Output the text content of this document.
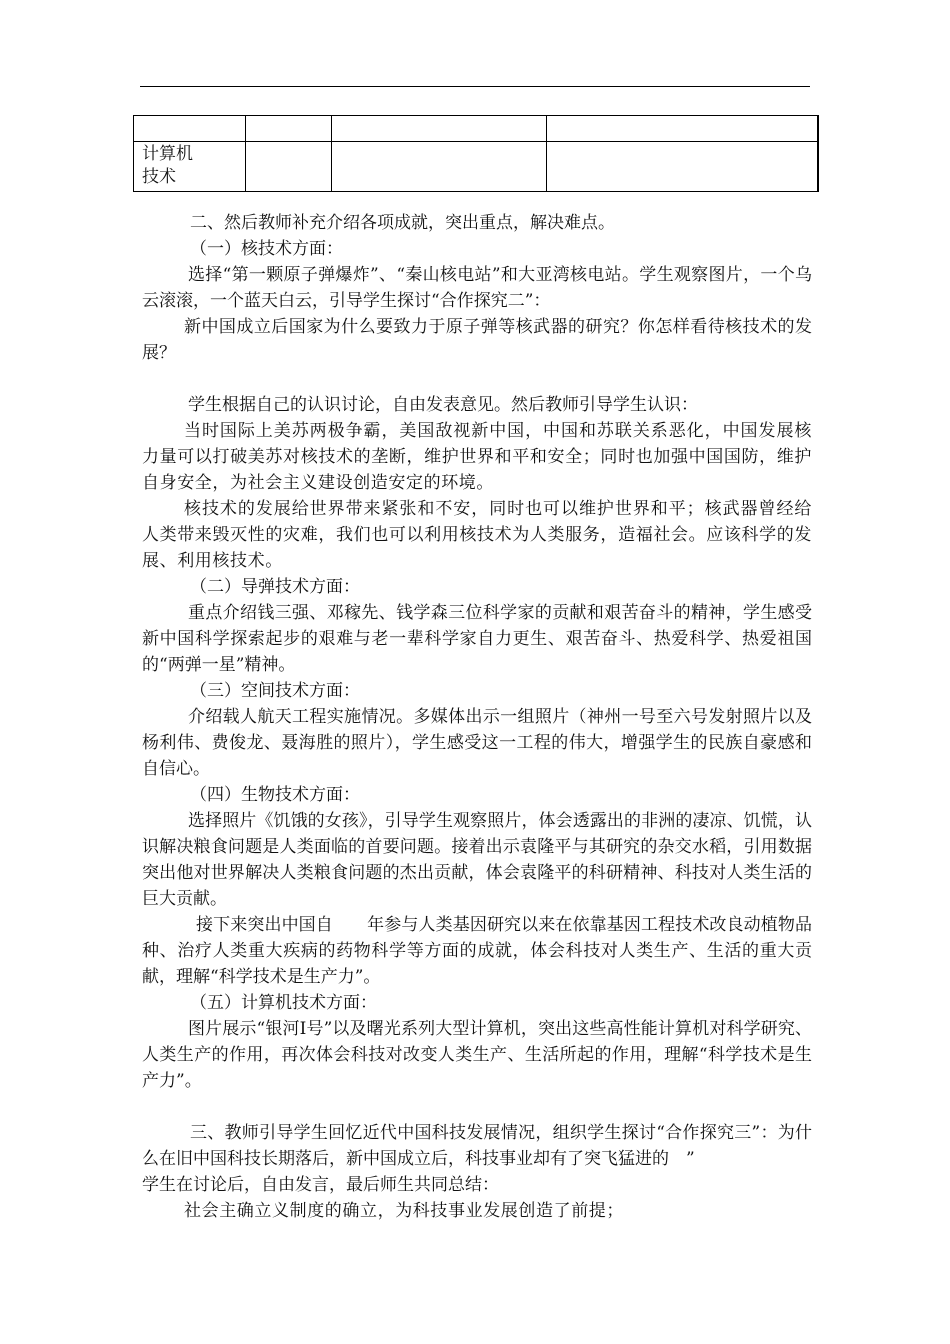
计算机
技术			

二、然后教师补充介绍各项成就，突出重点，解决难点。

（一）核技术方面：

选择“第一颗原子弹爆炸”、“秦山核电站”和大亚湾核电站。学生观察图片，一个乌云滚滚，一个蓝天白云，引导学生探讨“合作探究二”：

新中国成立后国家为什么要致力于原子弹等核武器的研究？你怎样看待核技术的发展？

学生根据自己的认识讨论，自由发表意见。然后教师引导学生认识：

当时国际上美苏两极争霸，美国敌视新中国，中国和苏联关系恶化，中国发展核力量可以打破美苏对核技术的垄断，维护世界和平和安全；同时也加强中国国防，维护自身安全，为社会主义建设创造安定的环境。

核技术的发展给世界带来紧张和不安，同时也可以维护世界和平；核武器曾经给人类带来毁灭性的灾难，我们也可以利用核技术为人类服务，造福社会。应该科学的发展、利用核技术。

（二）导弹技术方面：

重点介绍钱三强、邓稼先、钱学森三位科学家的贡献和艰苦奋斗的精神，学生感受新中国科学探索起步的艰难与老一辈科学家自力更生、艰苦奋斗、热爱科学、热爱祖国的“两弹一星”精神。

（三）空间技术方面：

介绍载人航天工程实施情况。多媒体出示一组照片（神州一号至六号发射照片以及杨利伟、费俊龙、聂海胜的照片），学生感受这一工程的伟大，增强学生的民族自豪感和自信心。

（四）生物技术方面：

选择照片《饥饿的女孩》，引导学生观察照片，体会透露出的非洲的凄凉、饥慌，认识解决粮食问题是人类面临的首要问题。接着出示袁隆平与其研究的杂交水稻，引用数据突出他对世界解决人类粮食问题的杰出贡献，体会袁隆平的科研精神、科技对人类生活的巨大贡献。

接下来突出中国自　　年参与人类基因研究以来在依靠基因工程技术改良动植物品种、治疗人类重大疾病的药物科学等方面的成就，体会科技对人类生产、生活的重大贡献，理解“科学技术是生产力”。

（五）计算机技术方面：

图片展示“银河Ⅰ号”以及曙光系列大型计算机，突出这些高性能计算机对科学研究、人类生产的作用，再次体会科技对改变人类生产、生活所起的作用，理解“科学技术是生产力”。

三、教师引导学生回忆近代中国科技发展情况，组织学生探讨“合作探究三”：为什么在旧中国科技长期落后，新中国成立后，科技事业却有了突飞猛进的　”

学生在讨论后，自由发言，最后师生共同总结：

社会主确立义制度的确立，为科技事业发展创造了前提；
